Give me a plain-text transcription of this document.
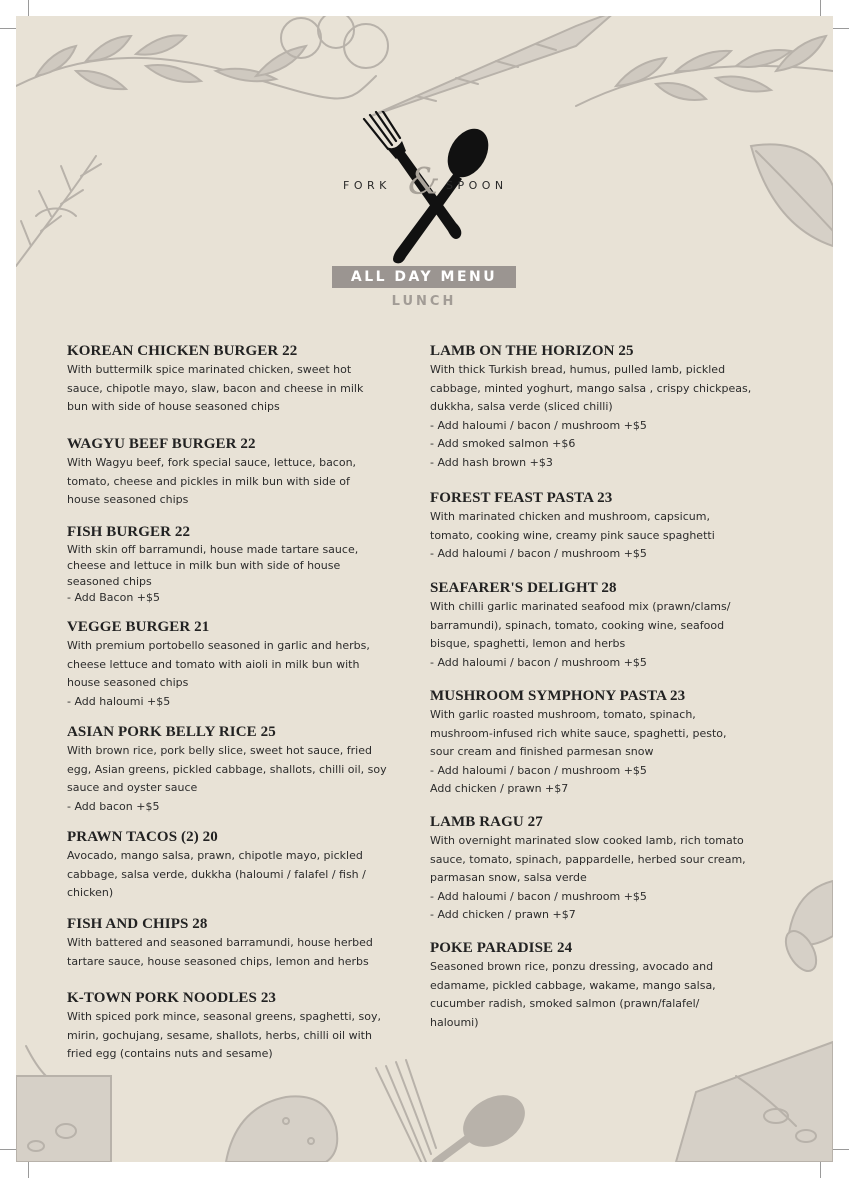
&
FORK	SPOON
ALL DAY MENU
LUNCH

KOREAN CHICKEN BURGER 22

With buttermilk spice marinated chicken, sweet hot
sauce, chipotle mayo, slaw, bacon and cheese in milk
bun with side of house seasoned chips

WAGYU BEEF BURGER 22

With Wagyu beef, fork special sauce, lettuce, bacon,
tomato, cheese and pickles in milk bun with side of
house seasoned chips

FISH BURGER 22

With skin off barramundi, house made tartare sauce,
cheese and lettuce in milk bun with side of house
seasoned chips
- Add Bacon +$5

VEGGE BURGER 21

With premium portobello seasoned in garlic and herbs,
cheese lettuce and tomato with aioli in milk bun with
house seasoned chips
- Add haloumi +$5

ASIAN PORK BELLY RICE 25

With brown rice, pork belly slice, sweet hot sauce, fried
egg, Asian greens, pickled cabbage, shallots, chilli oil, soy
sauce and oyster sauce
- Add bacon +$5

PRAWN TACOS (2) 20

Avocado, mango salsa, prawn, chipotle mayo, pickled
cabbage, salsa verde, dukkha (haloumi / falafel / fish /
chicken)

FISH AND CHIPS 28

With battered and seasoned barramundi, house herbed
tartare sauce, house seasoned chips, lemon and herbs

K-TOWN PORK NOODLES 23

With spiced pork mince, seasonal greens, spaghetti, soy,
mirin, gochujang, sesame, shallots, herbs, chilli oil with
fried egg (contains nuts and sesame)

LAMB ON THE HORIZON 25

With thick Turkish bread, humus, pulled lamb, pickled
cabbage, minted yoghurt, mango salsa , crispy chickpeas,
dukkha, salsa verde (sliced chilli)
- Add haloumi / bacon / mushroom +$5
- Add smoked salmon +$6
- Add hash brown +$3

FOREST FEAST PASTA 23

With marinated chicken and mushroom, capsicum,
tomato, cooking wine, creamy pink sauce spaghetti
- Add haloumi / bacon / mushroom +$5

SEAFARER'S DELIGHT 28

With chilli garlic marinated seafood mix (prawn/clams/
barramundi), spinach, tomato, cooking wine, seafood
bisque, spaghetti, lemon and herbs
- Add haloumi / bacon / mushroom +$5

MUSHROOM SYMPHONY PASTA 23

With garlic roasted mushroom, tomato, spinach,
mushroom-infused rich white sauce, spaghetti, pesto,
sour cream and finished parmesan snow
- Add haloumi / bacon / mushroom +$5
Add chicken / prawn +$7

LAMB RAGU 27

With overnight marinated slow cooked lamb, rich tomato
sauce, tomato, spinach, pappardelle, herbed sour cream,
parmasan snow, salsa verde
- Add haloumi / bacon / mushroom +$5
- Add chicken / prawn +$7

POKE PARADISE 24

Seasoned brown rice, ponzu dressing, avocado and
edamame, pickled cabbage, wakame, mango salsa,
cucumber radish, smoked salmon (prawn/falafel/
haloumi)
